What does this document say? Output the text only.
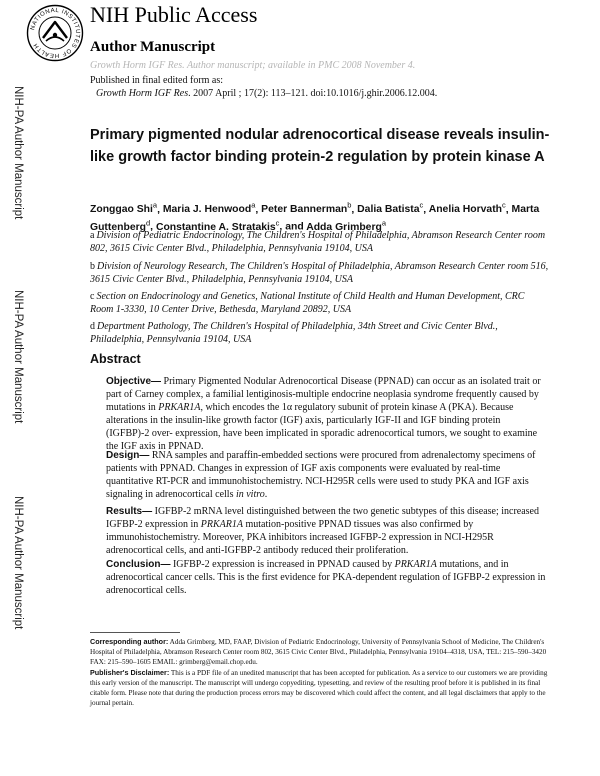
NATIONAL INSTITUTES OF HEALTH
NIH Public Access
Author Manuscript
Growth Horm IGF Res. Author manuscript; available in PMC 2008 November 4.
Published in final edited form as:
Growth Horm IGF Res. 2007 April ; 17(2): 113–121. doi:10.1016/j.ghir.2006.12.004.
NIH-PA Author Manuscript
NIH-PA Author Manuscript
NIH-PA Author Manuscript
Primary pigmented nodular adrenocortical disease reveals insulin-like growth factor binding protein-2 regulation by protein kinase A
Zonggao Shi$^a$, Maria J. Henwood$^a$, Peter Bannerman$^b$, Dalia Batista$^c$, Anelia Horvath$^c$, Marta Guttenberg$^d$, Constantine A. Stratakis$^c$, and Adda Grimberg$^a$
a Division of Pediatric Endocrinology, The Children's Hospital of Philadelphia, Abramson Research Center room 802, 3615 Civic Center Blvd., Philadelphia, Pennsylvania 19104, USA
b Division of Neurology Research, The Children's Hospital of Philadelphia, Abramson Research Center room 516, 3615 Civic Center Blvd., Philadelphia, Pennsylvania 19104, USA
c Section on Endocrinology and Genetics, National Institute of Child Health and Human Development, CRC Room 1-3330, 10 Center Drive, Bethesda, Maryland 20892, USA
d Department Pathology, The Children's Hospital of Philadelphia, 34th Street and Civic Center Blvd., Philadelphia, Pennsylvania 19104, USA
Abstract
Objective— Primary Pigmented Nodular Adrenocortical Disease (PPNAD) can occur as an isolated trait or part of Carney complex, a familial lentiginosis-multiple endocrine neoplasia syndrome frequently caused by mutations in PRKAR1A, which encodes the 1α regulatory subunit of protein kinase A (PKA). Because alterations in the insulin-like growth factor (IGF) axis, particularly IGF-II and IGF binding protein (IGFBP)-2 over- expression, have been implicated in sporadic adrenocortical tumors, we sought to examine the IGF axis in PPNAD.
Design— RNA samples and paraffin-embedded sections were procured from adrenalectomy specimens of patients with PPNAD. Changes in expression of IGF axis components were evaluated by real-time quantitative RT-PCR and immunohistochemistry. NCI-H295R cells were used to study PKA and IGF axis signaling in adrenocortical cells in vitro.
Results— IGFBP-2 mRNA level distinguished between the two genetic subtypes of this disease; increased IGFBP-2 expression in PRKAR1A mutation-positive PPNAD tissues was also confirmed by immunohistochemistry. Moreover, PKA inhibitors increased IGFBP-2 expression in NCI-H295R adrenocortical cells, and anti-IGFBP-2 antibody reduced their proliferation.
Conclusion— IGFBP-2 expression is increased in PPNAD caused by PRKAR1A mutations, and in adrenocortical cancer cells. This is the first evidence for PKA-dependent regulation of IGFBP-2 expression in adrenocortical cells.
Corresponding author: Adda Grimberg, MD, FAAP, Division of Pediatric Endocrinology, University of Pennsylvania School of Medicine, The Children's Hospital of Philadelphia, Abramson Research Center room 802, 3615 Civic Center Blvd., Philadelphia, Pennsylvania 19104–4318, USA, TEL: 215–590–3420 FAX: 215–590–1605 EMAIL: grimberg@email.chop.edu.
Publisher's Disclaimer: This is a PDF file of an unedited manuscript that has been accepted for publication. As a service to our customers we are providing this early version of the manuscript. The manuscript will undergo copyediting, typesetting, and review of the resulting proof before it is published in its final citable form. Please note that during the production process errors may be discovered which could affect the content, and all legal disclaimers that apply to the journal pertain.
